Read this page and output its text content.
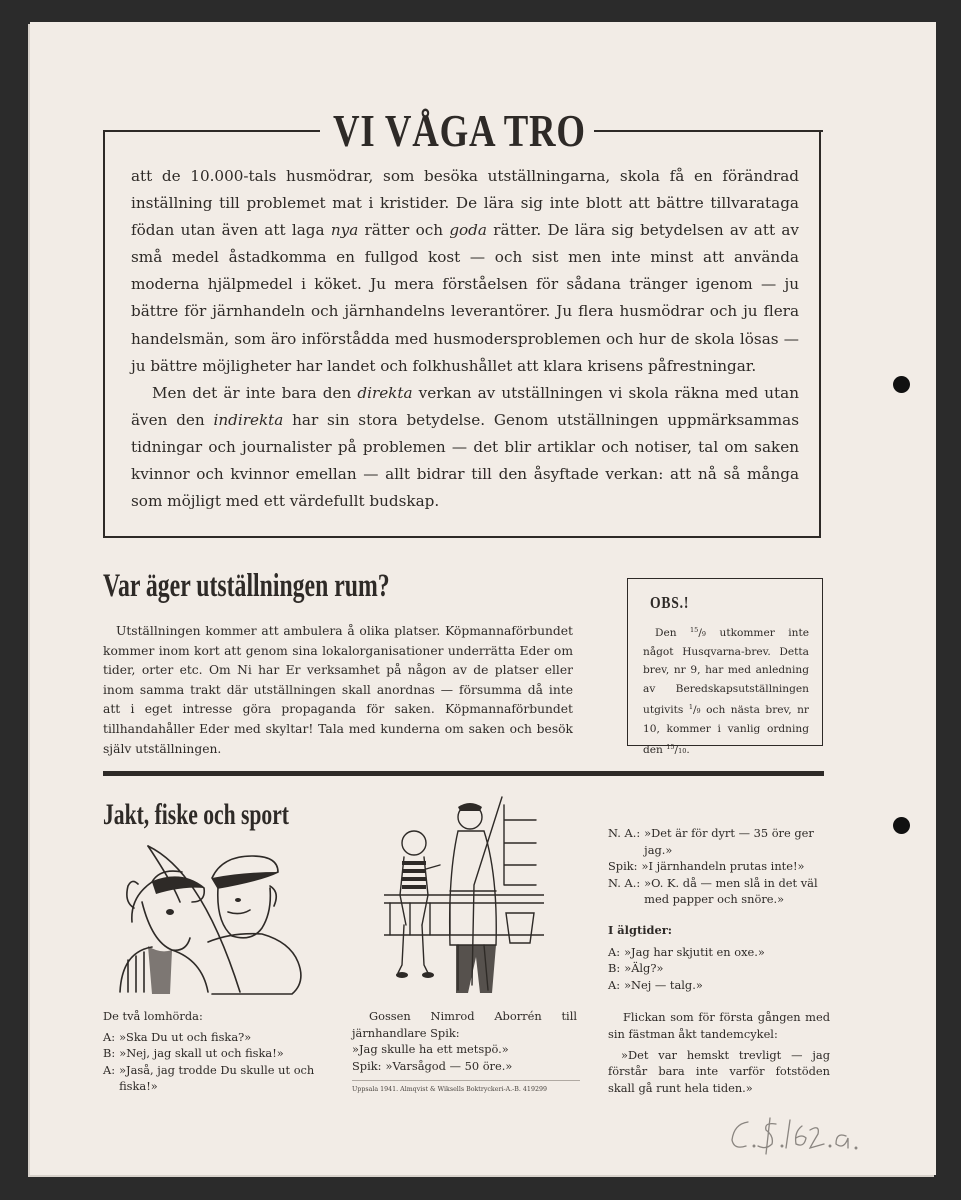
VI VÅGA TRO

att de 10.000-tals husmödrar, som besöka utställningarna, skola få en förändrad inställning till problemet mat i kristider. De lära sig inte blott att bättre tillvaratagа födan utan även att laga nya rätter och goda rätter. De lära sig betydelsen av att av små medel åstadkomma en fullgod kost — och sist men inte minst att använda moderna hjälpmedel i köket. Ju mera förståelsen för sådana tränger igenom — ju bättre för järnhandeln och järnhandelns leverantörer. Ju flera husmödrar och ju flera handelsmän, som äro införstådda med husmodersproblemen och hur de skola lösas — ju bättre möjligheter har landet och folkhushållet att klara krisens påfrestningar.

Men det är inte bara den direkta verkan av utställningen vi skola räkna med utan även den indirekta har sin stora betydelse. Genom utställningen uppmärksammas tidningar och journalister på problemen — det blir artiklar och notiser, tal om saken kvinnor och kvinnor emellan — allt bidrar till den åsyftade verkan: att nå så många som möjligt med ett värdefullt budskap.

Var äger utställningen rum?

Utställningen kommer att ambulera å olika platser. Köpmannaförbundet kommer inom kort att genom sina lokalorganisationer underrätta Eder om tider, orter etc. Om Ni har Er verksamhet på någon av de platser eller inom samma trakt där utställningen skall anordnas — försumma då inte att i eget intresse göra propaganda för saken. Köpmannaförbundet tillhandahåller Eder med skyltar! Tala med kunderna om saken och besök själv utställningen.

OBS.!

Den $^{15}$/9 utkommer inte något Husqvarna-brev. Detta brev, nr 9, har med anledning av Beredskapsutställningen utgivits $^1$/9 och nästa brev, nr 10, kommer i vanlig ordning den $^{15}$/10.

Jakt, fiske och sport
De två lomhörda:
A: »Ska Du ut och fiska?»
B: »Nej, jag skall ut och fiska!»
A: »Jaså, jag trodde Du skulle ut och fiska!»
Gossen Nimrod Aborrén till järnhandlare Spik:
»Jag skulle ha ett metspö.»
Spik: »Varsågod — 50 öre.»
N. A.: »Det är för dyrt — 35 öre ger jag.»
Spik: »I järnhandeln prutas inte!»
N. A.: »O. K. då — men slå in det väl med papper och snöre.»
I älgtider:
A: »Jag har skjutit en oxe.»
B: »Älg?»
A: »Nej — talg.»
Flickan som för första gången med sin fästman åkt tandemcykel:
»Det var hemskt trevligt — jag förstår bara inte varför fotstöden skall gå runt hela tiden.»
Uppsala 1941. Almqvist & Wiksells Boktryckeri-A.-B. 419299
